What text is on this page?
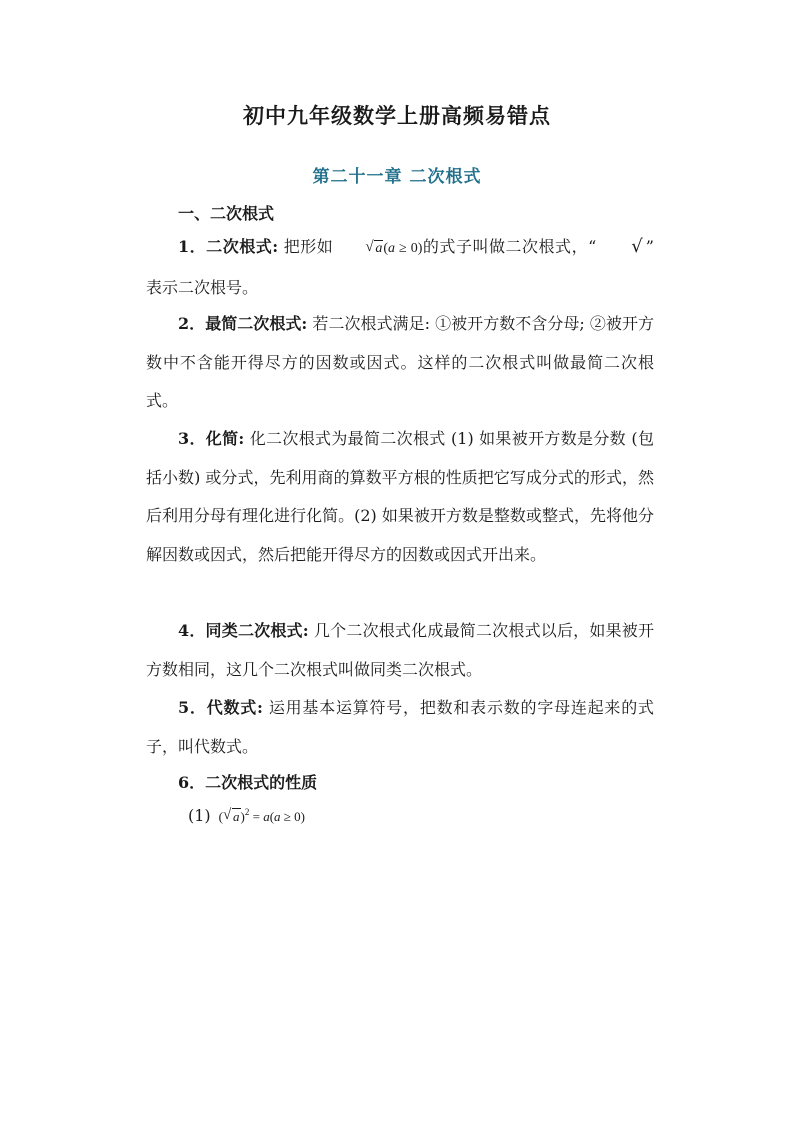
初中九年级数学上册高频易错点
第二十一章 二次根式
一、二次根式

1．二次根式: 把形如	√ a(a ≥ 0)的式子叫做二次根式，“ √ ” 表示二次根号。

2．最简二次根式: 若二次根式满足: ①被开方数不含分母; ②被开方数中不含能开得尽方的因数或因式。这样的二次根式叫做最简二次根式。

3．化简: 化二次根式为最简二次根式 (1) 如果被开方数是分数 (包括小数) 或分式，先利用商的算数平方根的性质把它写成分式的形式，然后利用分母有理化进行化简。(2) 如果被开方数是整数或整式，先将他分解因数或因式，然后把能开得尽方的因数或因式开出来。

4．同类二次根式: 几个二次根式化成最简二次根式以后，如果被开方数相同，这几个二次根式叫做同类二次根式。

5．代数式: 运用基本运算符号，把数和表示数的字母连起来的式子，叫代数式。

6．二次根式的性质
(1) ( √ a)$^2$ = a(a ≥ 0)
